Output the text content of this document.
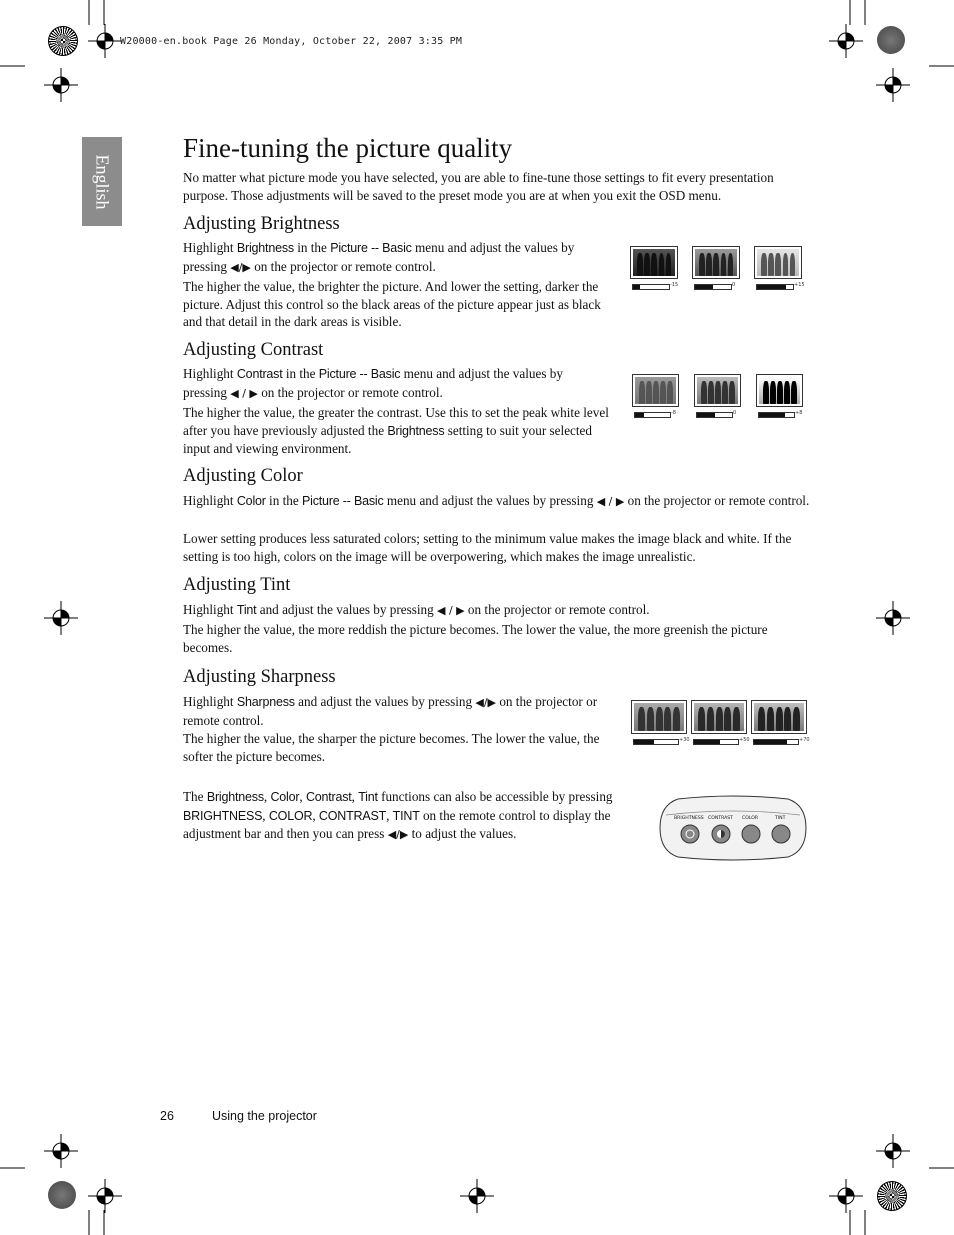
W20000-en.book Page 26 Monday, October 22, 2007 3:35 PM
English
Fine-tuning the picture quality

No matter what picture mode you have selected, you are able to fine-tune those settings to fit every presentation purpose. Those adjustments will be saved to the preset mode you are at when you exit the OSD menu.

Adjusting Brightness

Highlight Brightness in the Picture -- Basic menu and adjust the values by pressing ◀/▶ on the projector or remote control.

The higher the value, the brighter the picture. And lower the setting, darker the picture. Adjust this control so the black areas of the picture appear just as black and that detail in the dark areas is visible.

-15	0	+15
Adjusting Contrast

Highlight Contrast in the Picture -- Basic menu and adjust the values by pressing ◀ / ▶ on the projector or remote control.

The higher the value, the greater the contrast. Use this to set the peak white level after you have previously adjusted the Brightness setting to suit your selected input and viewing environment.

-8	0	+8
Adjusting Color

Highlight Color in the Picture -- Basic menu and adjust the values by pressing ◀ / ▶ on the projector or remote control.

Lower setting produces less saturated colors; setting to the minimum value makes the image black and white. If the setting is too high, colors on the image will be overpowering, which makes the image unrealistic.

Adjusting Tint

Highlight Tint and adjust the values by pressing ◀ / ▶ on the projector or remote control.

The higher the value, the more reddish the picture becomes. The lower the value, the more greenish the picture becomes.

Adjusting Sharpness

Highlight Sharpness and adjust the values by pressing ◀/▶ on the projector or remote control.

The higher the value, the sharper the picture becomes. The lower the value, the softer the picture becomes.

+30	+50	+70

The Brightness, Color, Contrast, Tint functions can also be accessible by pressing BRIGHTNESS, COLOR, CONTRAST, TINT on the remote control to display the adjustment bar and then you can press ◀/▶ to adjust the values.

BRIGHTNESS CONTRAST COLOR	TINT
26	Using the projector
